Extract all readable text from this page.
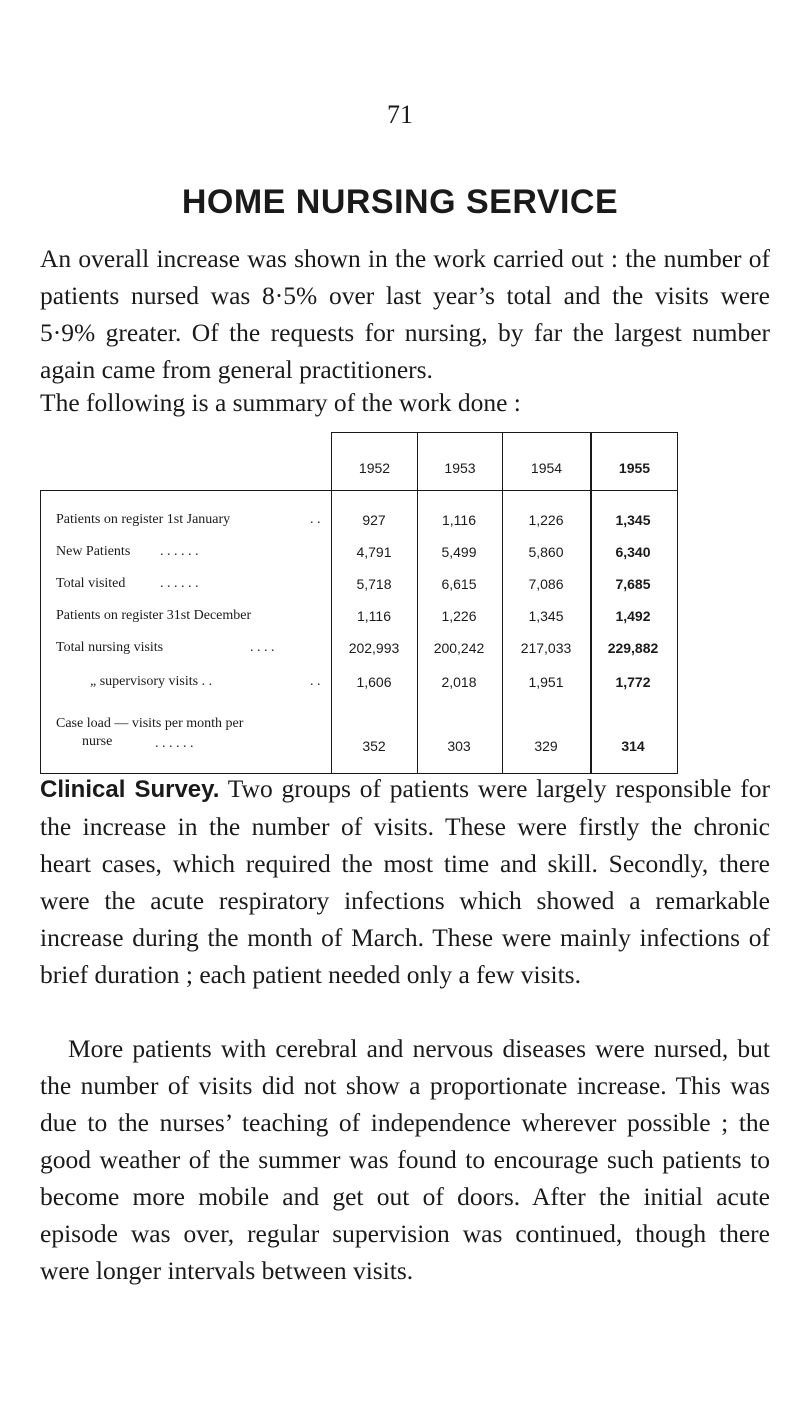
71
HOME NURSING SERVICE
An overall increase was shown in the work carried out : the number of patients nursed was 8·5% over last year’s total and the visits were 5·9% greater. Of the requests for nursing, by far the largest number again came from general practitioners.
The following is a summary of the work done :
1952	1953	1954	1955
Patients on register 1st January	. .	927	1,116	1,226	1,345
New Patients	. . . . . .	4,791	5,499	5,860	6,340
Total visited	. . . . . .	5,718	6,615	7,086	7,685
Patients on register 31st December	1,116	1,226	1,345	1,492
Total nursing visits	. . . .	202,993	200,242	217,033	229,882
„ supervisory visits . .	. .	1,606	2,018	1,951	1,772
Case load — visits per month per
nurse	. . . . . .	352	303	329	314
Clinical Survey. Two groups of patients were largely responsible for the increase in the number of visits. These were firstly the chronic heart cases, which required the most time and skill. Secondly, there were the acute respiratory infections which showed a remarkable increase during the month of March. These were mainly infections of brief duration ; each patient needed only a few visits.
More patients with cerebral and nervous diseases were nursed, but the number of visits did not show a proportionate increase. This was due to the nurses’ teaching of independence wherever possible ; the good weather of the summer was found to encourage such patients to become more mobile and get out of doors. After the initial acute episode was over, regular supervision was continued, though there were longer intervals between visits.
